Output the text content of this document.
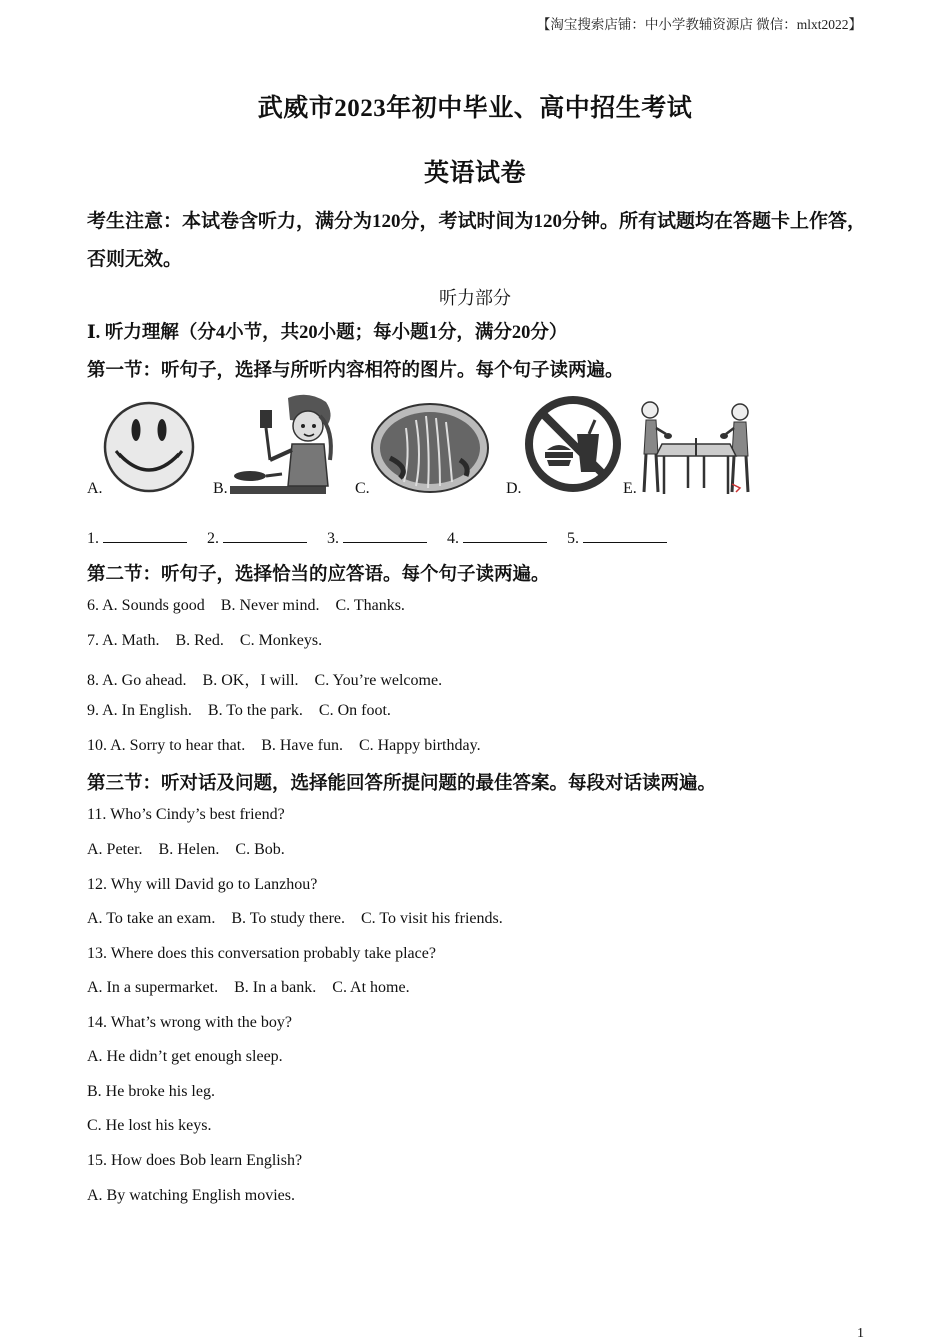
【淘宝搜索店铺：中小学教辅资源店 微信：mlxt2022】
武威市2023年初中毕业、高中招生考试
英语试卷
考生注意：本试卷含听力，满分为120分，考试时间为120分钟。所有试题均在答题卡上作答，否则无效。
听力部分
Ⅰ. 听力理解（分4小节，共20小题；每小题1分，满分20分）
第一节：听句子，选择与所听内容相符的图片。每个句子读两遍。
A.	B.	C.	D.	E.
1.	2.	3.	4.	5.
第二节：听句子，选择恰当的应答语。每个句子读两遍。
6. A. Sounds good    B. Never mind.    C. Thanks.
7. A. Math.    B. Red.    C. Monkeys.
8. A. Go ahead.    B. OK，I will.    C. You’re welcome.
9. A. In English.    B. To the park.    C. On foot.
10. A. Sorry to hear that.    B. Have fun.    C. Happy birthday.
第三节：听对话及问题，选择能回答所提问题的最佳答案。每段对话读两遍。
11. Who’s Cindy’s best friend?
A. Peter.    B. Helen.    C. Bob.
12. Why will David go to Lanzhou?
A. To take an exam.    B. To study there.    C. To visit his friends.
13. Where does this conversation probably take place?
A. In a supermarket.    B. In a bank.    C. At home.
14. What’s wrong with the boy?
A. He didn’t get enough sleep.
B. He broke his leg.
C. He lost his keys.
15. How does Bob learn English?
A. By watching English movies.
1
